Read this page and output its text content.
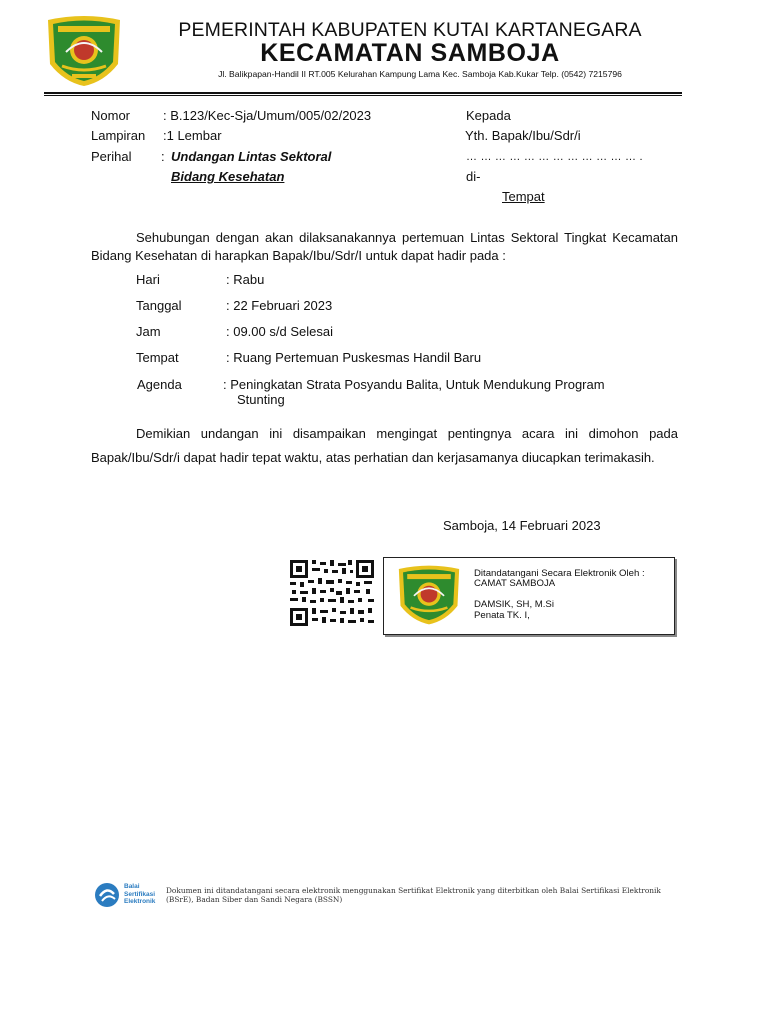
PEMERINTAH KABUPATEN KUTAI KARTANEGARA
KECAMATAN SAMBOJA
Jl. Balikpapan-Handil II RT.005 Kelurahan Kampung Lama Kec. Samboja Kab.Kukar Telp. (0542) 7215796
Nomor	: B.123/Kec-Sja/Umum/005/02/2023
Lampiran :1 Lembar
Perihal : Undangan Lintas Sektoral
Bidang Kesehatan
Kepada
Yth. Bapak/Ibu/Sdr/i
… … … … … … … … … … … … .
di-
Tempat
Sehubungan dengan akan dilaksanakannya pertemuan Lintas Sektoral Tingkat Kecamatan Bidang Kesehatan di harapkan Bapak/Ibu/Sdr/I untuk dapat hadir pada :
Hari	: Rabu
Tanggal	: 22 Februari 2023
Jam	: 09.00 s/d Selesai
Tempat	: Ruang Pertemuan Puskesmas Handil Baru
Agenda	: Peningkatan Strata Posyandu Balita, Untuk Mendukung Program
Stunting
Demikian undangan ini disampaikan mengingat pentingnya acara ini dimohon pada Bapak/Ibu/Sdr/i dapat hadir tepat waktu, atas perhatian dan kerjasamanya diucapkan terimakasih.
Samboja, 14 Februari 2023
Ditandatangani Secara Elektronik Oleh :
CAMAT SAMBOJA
DAMSIK, SH, M.Si
Penata TK. I,
Balai
Sertifikasi
Elektronik
Dokumen ini ditandatangani secara elektronik menggunakan Sertifikat Elektronik yang diterbitkan oleh Balai Sertifikasi Elektronik
(BSrE), Badan Siber dan Sandi Negara (BSSN)
